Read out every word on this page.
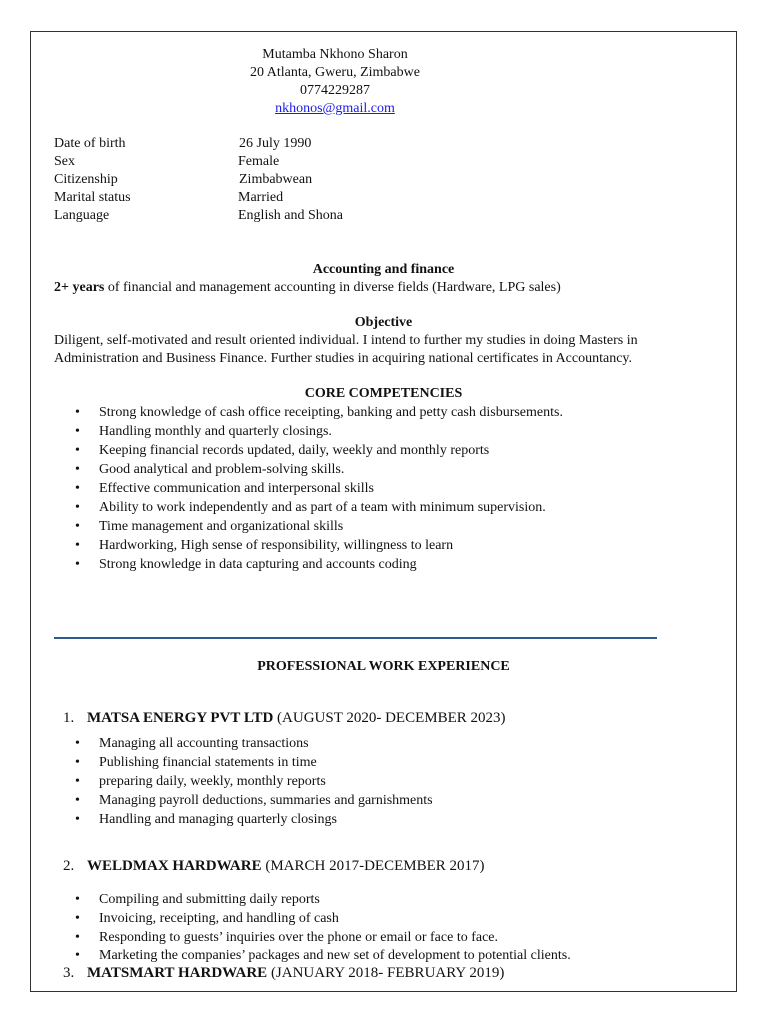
Mutamba Nkhono Sharon
20 Atlanta, Gweru, Zimbabwe
0774229287
nkhonos@gmail.com
Date of birth	26 July 1990
Sex	Female
Citizenship	Zimbabwean
Marital status	Married
Language	English and Shona
Accounting and finance
2+ years of financial and management accounting in diverse fields (Hardware, LPG sales)
Objective
Diligent, self-motivated and result oriented individual. I intend to further my studies in doing Masters in
Administration and Business Finance. Further studies in acquiring national certificates in Accountancy.
CORE COMPETENCIES
• Strong knowledge of cash office receipting, banking and petty cash disbursements.
• Handling monthly and quarterly closings.
• Keeping financial records updated, daily, weekly and monthly reports
• Good analytical and problem-solving skills.
• Effective communication and interpersonal skills
• Ability to work independently and as part of a team with minimum supervision.
• Time management and organizational skills
• Hardworking, High sense of responsibility, willingness to learn
• Strong knowledge in data capturing and accounts coding
PROFESSIONAL WORK EXPERIENCE
1. MATSA ENERGY PVT LTD (AUGUST 2020- DECEMBER 2023)
• Managing all accounting transactions
• Publishing financial statements in time
• preparing daily, weekly, monthly reports
• Managing payroll deductions, summaries and garnishments
• Handling and managing quarterly closings
2. WELDMAX HARDWARE (MARCH 2017-DECEMBER 2017)
• Compiling and submitting daily reports
• Invoicing, receipting, and handling of cash
• Responding to guests’ inquiries over the phone or email or face to face.
• Marketing the companies’ packages and new set of development to potential clients.
3. MATSMART HARDWARE (JANUARY 2018- FEBRUARY 2019)
